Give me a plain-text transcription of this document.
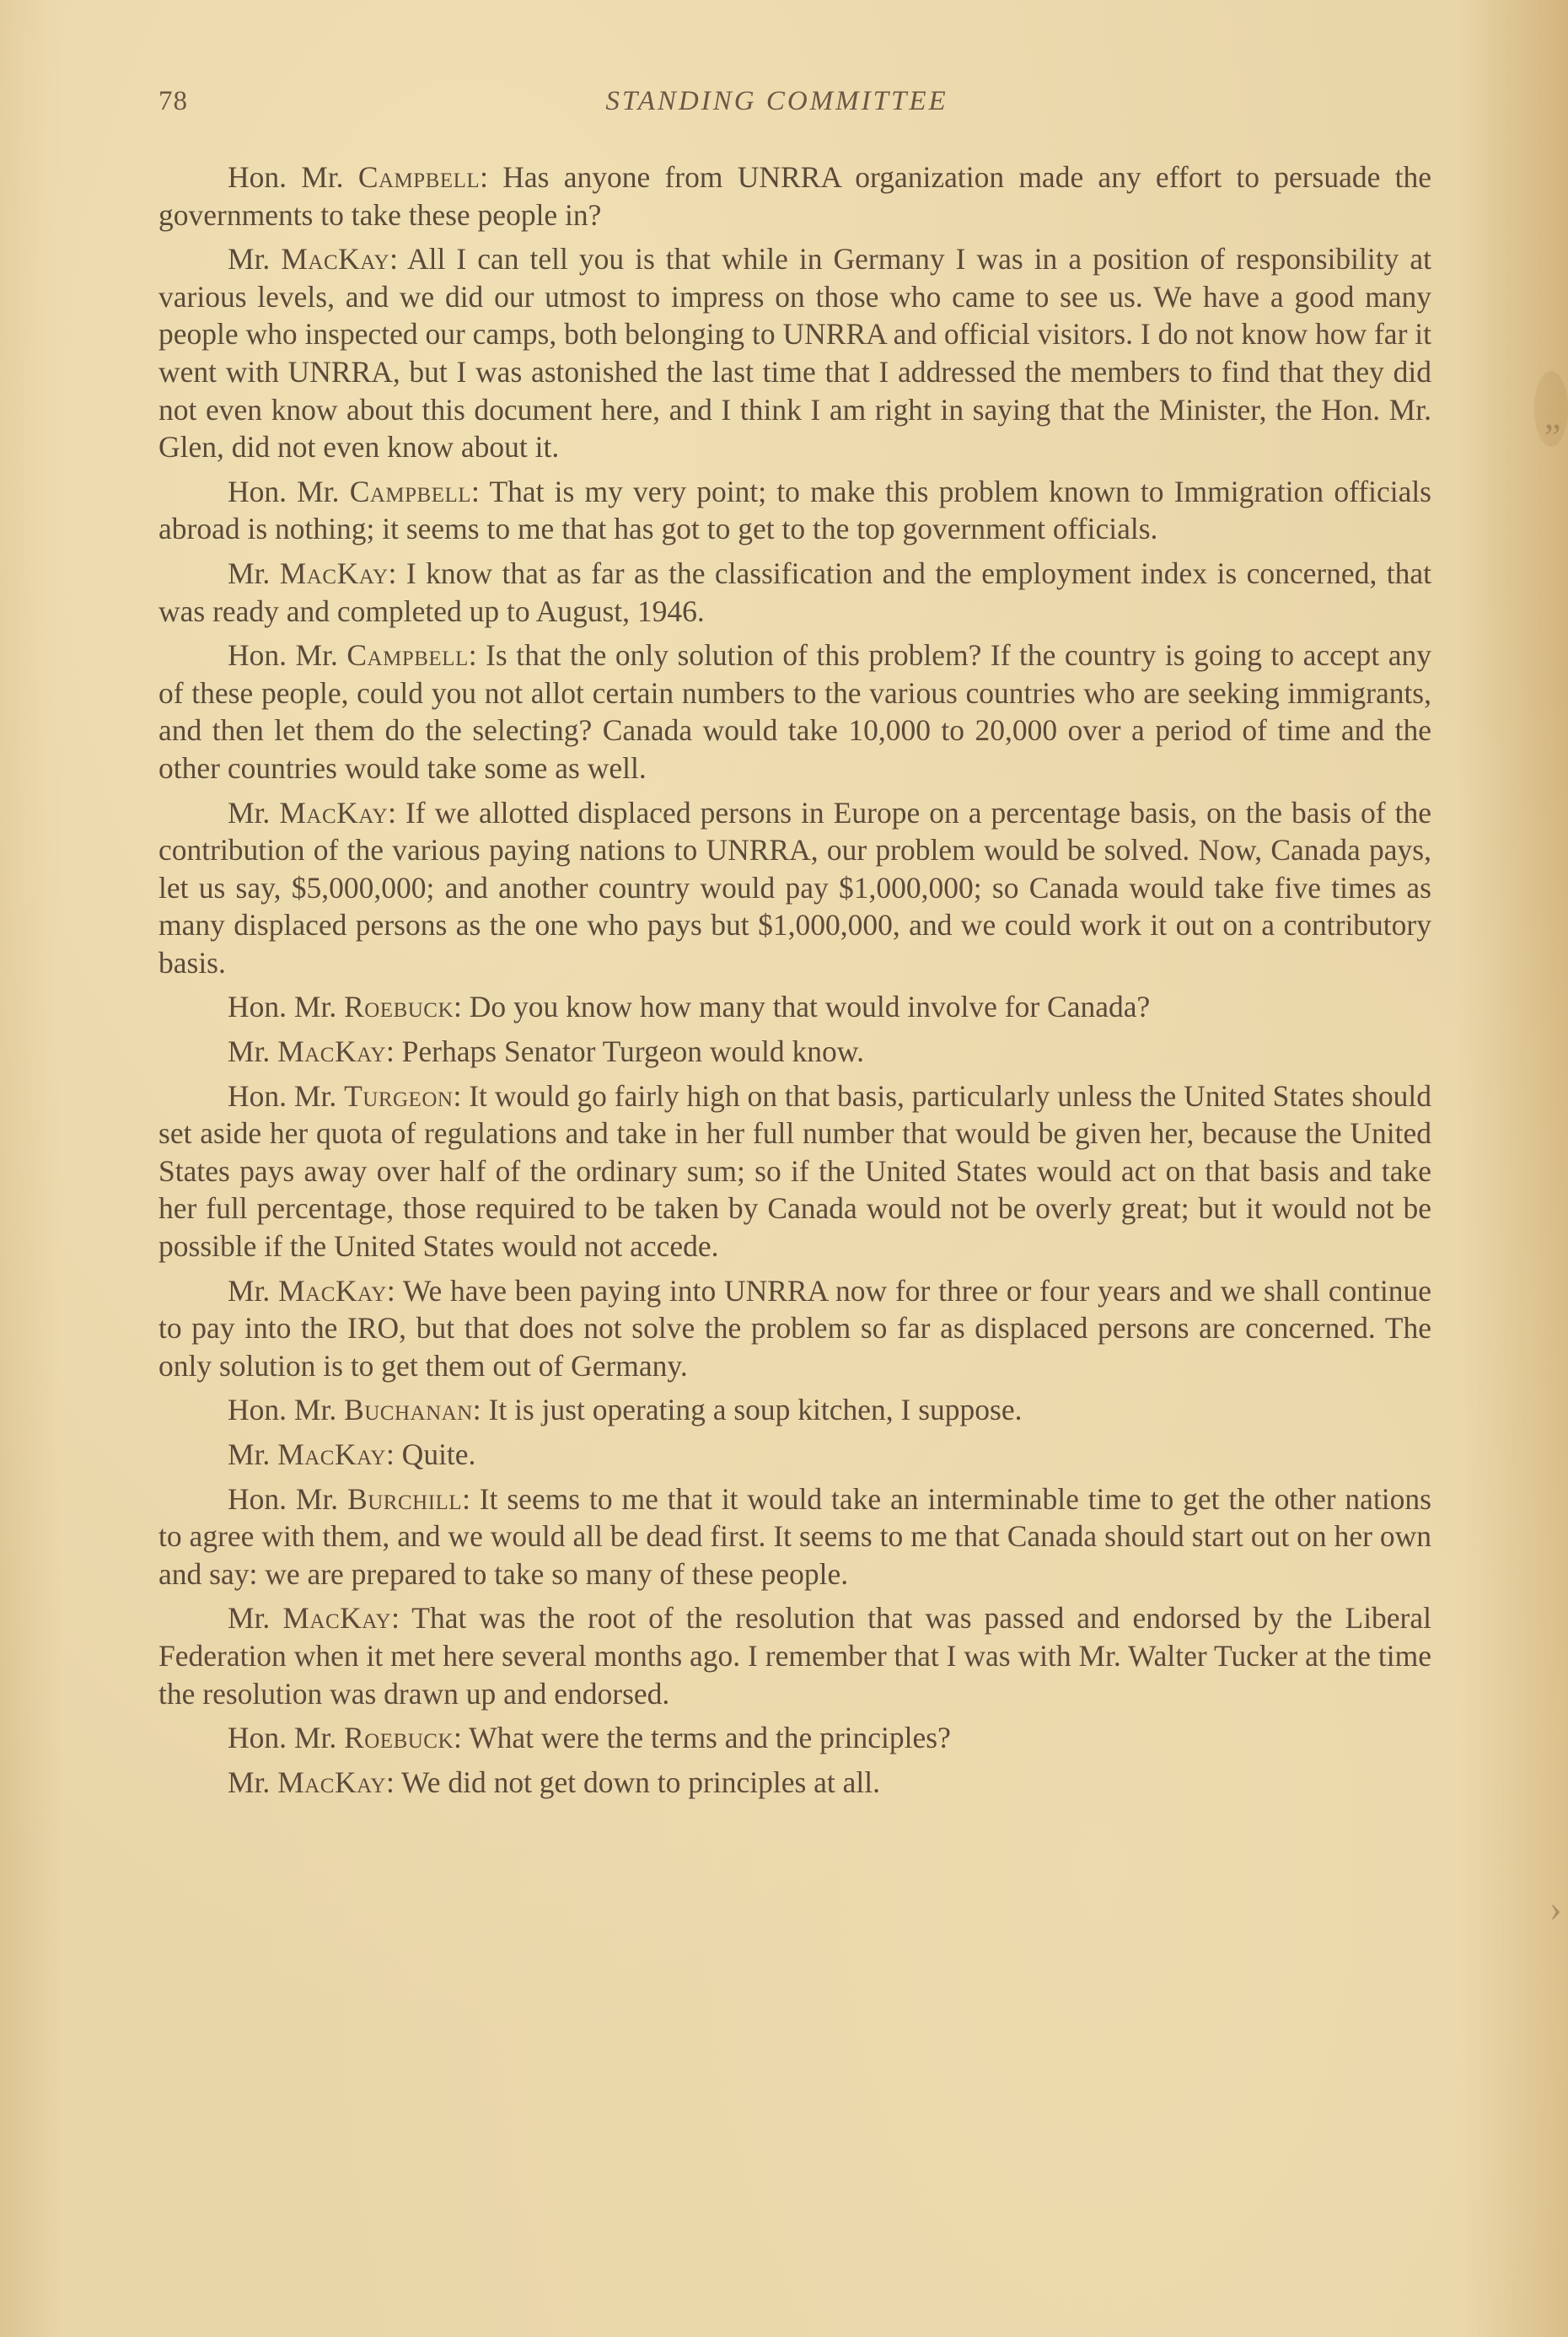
„
›
78	STANDING COMMITTEE

Hon. Mr. Campbell: Has anyone from UNRRA organization made any effort to persuade the governments to take these people in?

Mr. MacKay: All I can tell you is that while in Germany I was in a position of responsibility at various levels, and we did our utmost to impress on those who came to see us. We have a good many people who inspected our camps, both belonging to UNRRA and official visitors. I do not know how far it went with UNRRA, but I was astonished the last time that I addressed the members to find that they did not even know about this document here, and I think I am right in saying that the Minister, the Hon. Mr. Glen, did not even know about it.

Hon. Mr. Campbell: That is my very point; to make this problem known to Immigration officials abroad is nothing; it seems to me that has got to get to the top government officials.

Mr. MacKay: I know that as far as the classification and the employment index is concerned, that was ready and completed up to August, 1946.

Hon. Mr. Campbell: Is that the only solution of this problem? If the country is going to accept any of these people, could you not allot certain numbers to the various countries who are seeking immigrants, and then let them do the selecting? Canada would take 10,000 to 20,000 over a period of time and the other countries would take some as well.

Mr. MacKay: If we allotted displaced persons in Europe on a percentage basis, on the basis of the contribution of the various paying nations to UNRRA, our problem would be solved. Now, Canada pays, let us say, $5,000,000; and another country would pay $1,000,000; so Canada would take five times as many displaced persons as the one who pays but $1,000,000, and we could work it out on a contributory basis.

Hon. Mr. Roebuck: Do you know how many that would involve for Canada?

Mr. MacKay: Perhaps Senator Turgeon would know.

Hon. Mr. Turgeon: It would go fairly high on that basis, particularly unless the United States should set aside her quota of regulations and take in her full number that would be given her, because the United States pays away over half of the ordinary sum; so if the United States would act on that basis and take her full percentage, those required to be taken by Canada would not be overly great; but it would not be possible if the United States would not accede.

Mr. MacKay: We have been paying into UNRRA now for three or four years and we shall continue to pay into the IRO, but that does not solve the problem so far as displaced persons are concerned. The only solution is to get them out of Germany.

Hon. Mr. Buchanan: It is just operating a soup kitchen, I suppose.

Mr. MacKay: Quite.

Hon. Mr. Burchill: It seems to me that it would take an interminable time to get the other nations to agree with them, and we would all be dead first. It seems to me that Canada should start out on her own and say: we are prepared to take so many of these people.

Mr. MacKay: That was the root of the resolution that was passed and endorsed by the Liberal Federation when it met here several months ago. I remember that I was with Mr. Walter Tucker at the time the resolution was drawn up and endorsed.

Hon. Mr. Roebuck: What were the terms and the principles?

Mr. MacKay: We did not get down to principles at all.
